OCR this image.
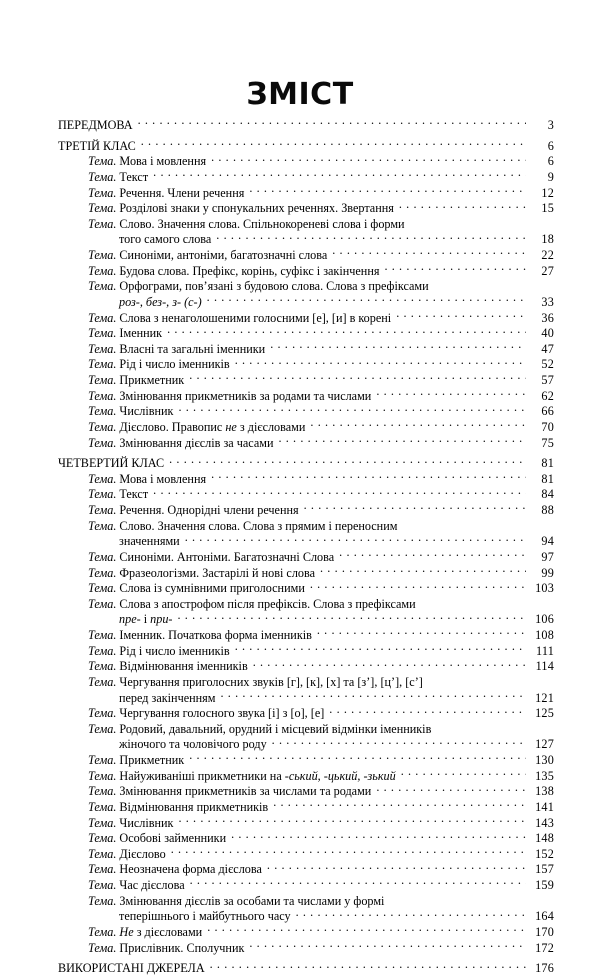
ЗМІСТ
ПЕРЕДМОВА . . .	3
ТРЕТІЙ КЛАС . . .	6
Тема. Мова і мовлення . . .	6
Тема. Текст . . .	9
Тема. Речення. Члени речення . . .	12
Тема. Розділові знаки у спонукальних реченнях. Звертання . . .	15
Тема. Слово. Значення слова. Спільнокореневі слова і форми
того самого слова . . .	18
Тема. Синоніми, антоніми, багатозначні слова . . .	22
Тема. Будова слова. Префікс, корінь, суфікс і закінчення . . .	27
Тема. Орфограми, пов’язані з будовою слова. Слова з префіксами
роз-, без-, з- (с-) . . .	33
Тема. Слова з ненаголошеними голосними [е], [и] в корені . . .	36
Тема. Іменник . . .	40
Тема. Власні та загальні іменники . . .	47
Тема. Рід і число іменників . . .	52
Тема. Прикметник . . .	57
Тема. Змінювання прикметників за родами та числами . . .	62
Тема. Числівник . . .	66
Тема. Дієслово. Правопис не з дієсловами . . .	70
Тема. Змінювання дієслів за часами . . .	75
ЧЕТВЕРТИЙ КЛАС . . .	81
Тема. Мова і мовлення . . .	81
Тема. Текст . . .	84
Тема. Речення. Однорідні члени речення . . .	88
Тема. Слово. Значення слова. Слова з прямим і переносним
значеннями . . .	94
Тема. Синоніми. Антоніми. Багатозначні Слова . . .	97
Тема. Фразеологізми. Застарілі й нові слова . . .	99
Тема. Слова із сумнівними приголосними . . .	103
Тема. Слова з апострофом після префіксів. Слова з префіксами
пре- і при- . . .	106
Тема. Іменник. Початкова форма іменників . . .	108
Тема. Рід і число іменників . . .	111
Тема. Відмінювання іменників . . .	114
Тема. Чергування приголосних звуків [г], [к], [х] та [з’], [ц’], [с’]
перед закінченням . . .	121
Тема. Чергування голосного звука [і] з [о], [е] . . .	125
Тема. Родовий, давальний, орудний і місцевий відмінки іменників
жіночого та чоловічого роду . . .	127
Тема. Прикметник . . .	130
Тема. Найуживаніші прикметники на -ський, -цький, -зький . . .	135
Тема. Змінювання прикметників за числами та родами . . .	138
Тема. Відмінювання прикметників . . .	141
Тема. Числівник . . .	143
Тема. Особові займенники . . .	148
Тема. Дієслово . . .	152
Тема. Неозначена форма дієслова . . .	157
Тема. Час дієслова . . .	159
Тема. Змінювання дієслів за особами та числами у формі
теперішнього і майбутнього часу . . .	164
Тема. Не з дієсловами . . .	170
Тема. Прислівник. Сполучник . . .	172
ВИКОРИСТАНІ ДЖЕРЕЛА . . .	176
